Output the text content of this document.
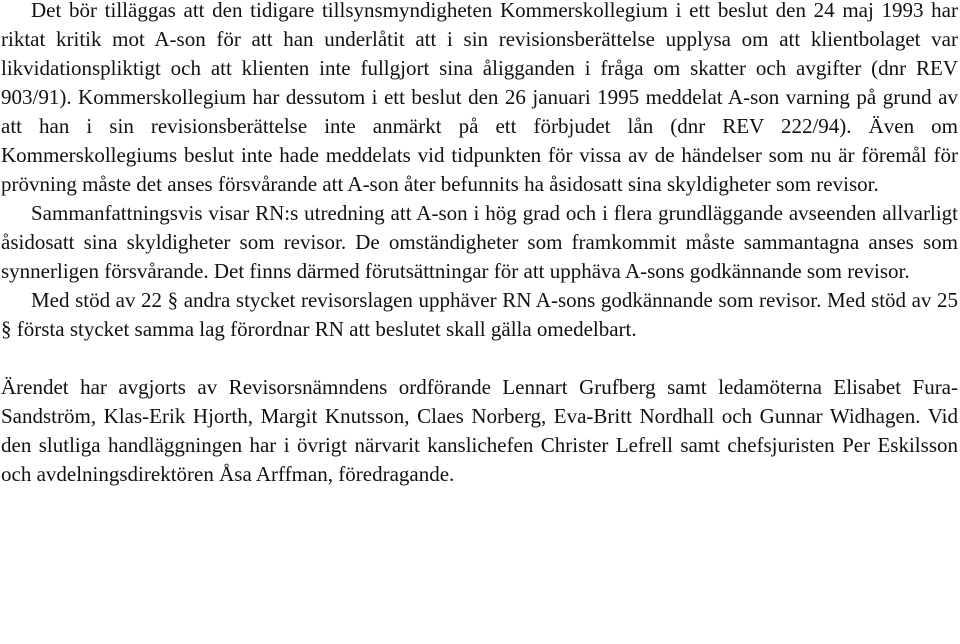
Det bör tilläggas att den tidigare tillsynsmyndigheten Kommerskollegium i ett beslut den 24 maj 1993 har riktat kritik mot A-son för att han underlåtit att i sin revisionsberättelse upplysa om att klientbolaget var likvidationspliktigt och att klienten inte fullgjort sina åligganden i fråga om skatter och avgifter (dnr REV 903/91). Kommerskollegium har dessutom i ett beslut den 26 januari 1995 meddelat A-son varning på grund av att han i sin revisionsberättelse inte anmärkt på ett förbjudet lån (dnr REV 222/94). Även om Kommerskollegiums beslut inte hade meddelats vid tidpunkten för vissa av de händelser som nu är föremål för prövning måste det anses försvårande att A-son åter befunnits ha åsidosatt sina skyldigheter som revisor.

Sammanfattningsvis visar RN:s utredning att A-son i hög grad och i flera grundläggande avseenden allvarligt åsidosatt sina skyldigheter som revisor. De omständigheter som framkommit måste sammantagna anses som synnerligen försvårande. Det finns därmed förutsättningar för att upphäva A-sons godkännande som revisor.

Med stöd av 22 § andra stycket revisorslagen upphäver RN A-sons godkännande som revisor. Med stöd av 25 § första stycket samma lag förordnar RN att beslutet skall gälla omedelbart.

Ärendet har avgjorts av Revisorsnämndens ordförande Lennart Grufberg samt ledamöterna Elisabet Fura-Sandström, Klas-Erik Hjorth, Margit Knutsson, Claes Norberg, Eva-Britt Nordhall och Gunnar Widhagen. Vid den slutliga handläggningen har i övrigt närvarit kanslichefen Christer Lefrell samt chefsjuristen Per Eskilsson och avdelningsdirektören Åsa Arffman, föredragande.
